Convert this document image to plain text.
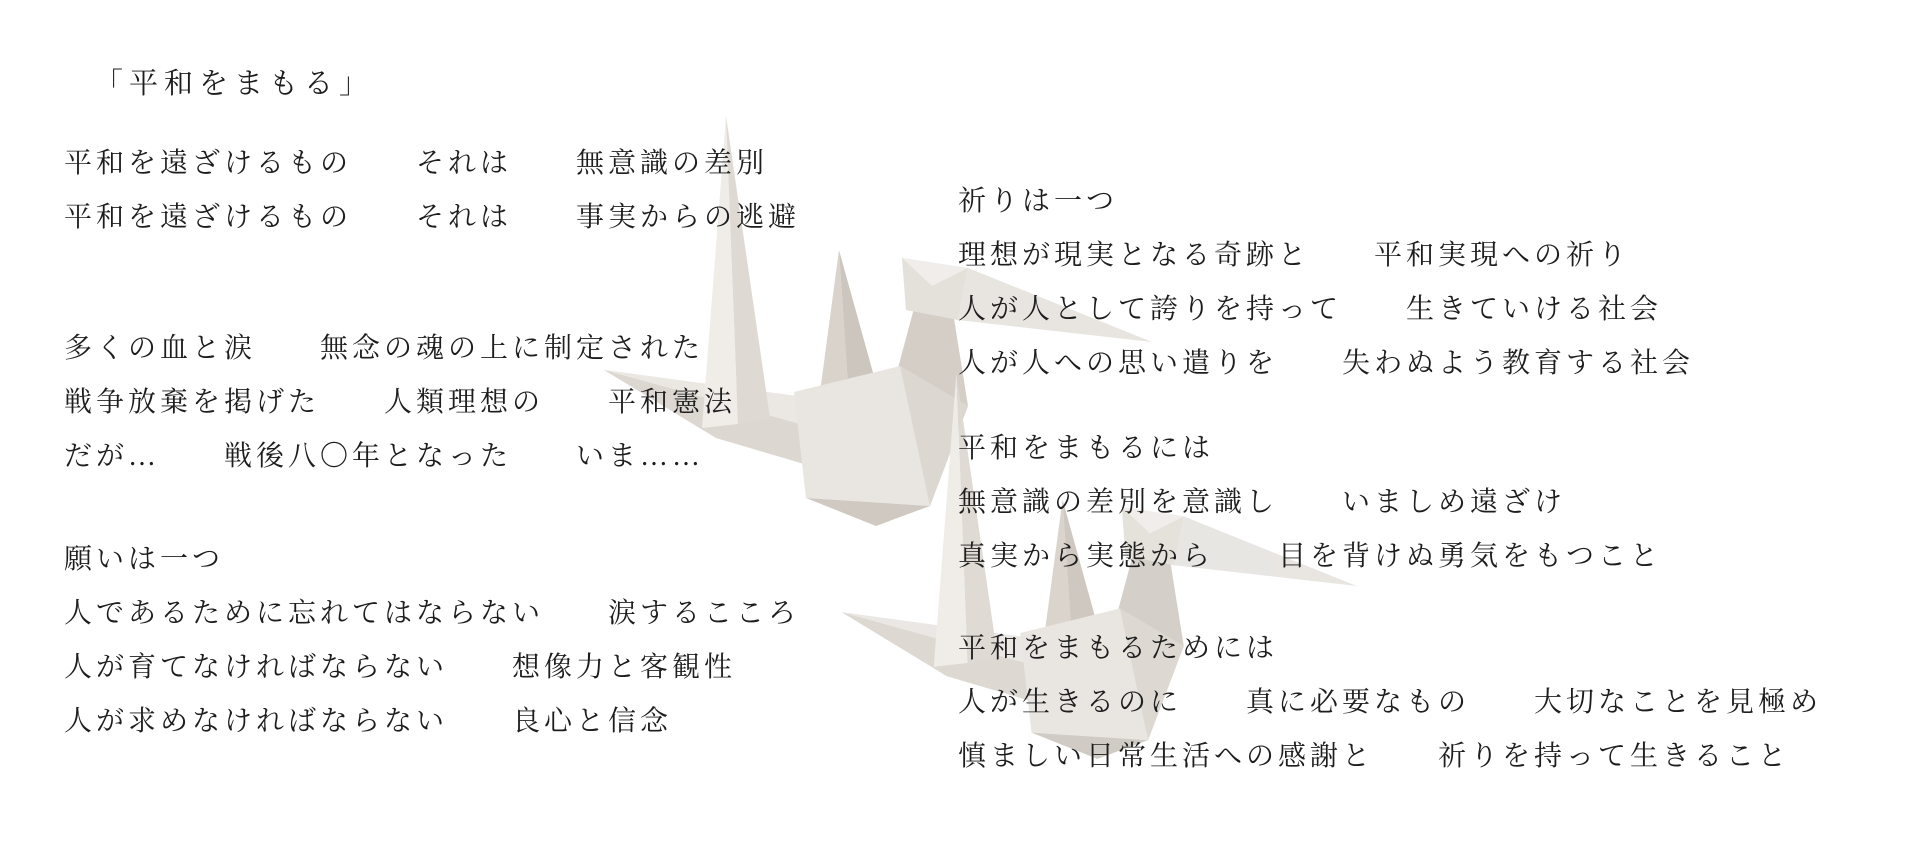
「平和をまもる」
平和を遠ざけるもの　　それは　　無意識の差別
平和を遠ざけるもの　　それは　　事実からの逃避
多くの血と涙　　無念の魂の上に制定された
戦争放棄を掲げた　　人類理想の　　平和憲法
だが…　　戦後八〇年となった　　いま……
願いは一つ
人であるために忘れてはならない　　涙するこころ
人が育てなければならない　　想像力と客観性
人が求めなければならない　　良心と信念
祈りは一つ
理想が現実となる奇跡と　　平和実現への祈り
人が人として誇りを持って　　生きていける社会
人が人への思い遣りを　　失わぬよう教育する社会
平和をまもるには
無意識の差別を意識し　　いましめ遠ざけ
真実から実態から　　目を背けぬ勇気をもつこと
平和をまもるためには
人が生きるのに　　真に必要なもの　　大切なことを見極め
慎ましい日常生活への感謝と　　祈りを持って生きること
